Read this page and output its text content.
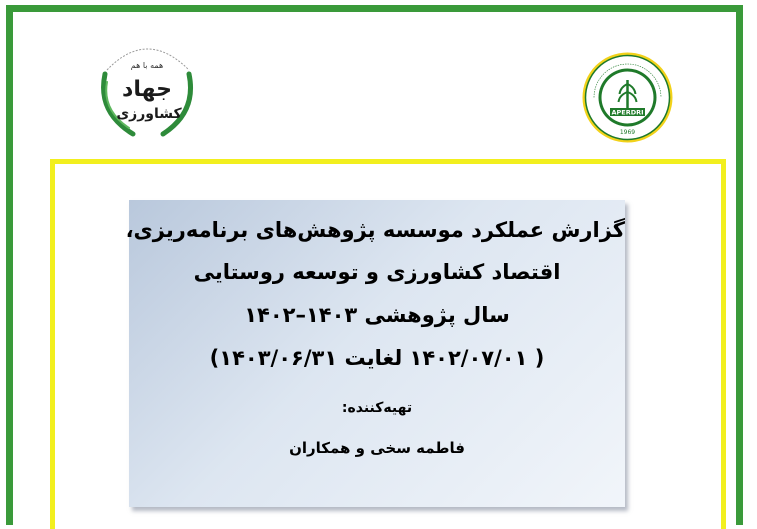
همه با هم
جهاد
کشاورزی	APERDRI
1969
گزارش عملکرد موسسه پژوهش‌های برنامه‌ریزی،
اقتصاد کشاورزی و توسعه روستایی
سال پژوهشی ۱۴۰۳–۱۴۰۲
( ۱۴۰۲/۰۷/۰۱ لغایت ۱۴۰۳/۰۶/۳۱)
تهیه‌کننده:
فاطمه سخی و همکاران
